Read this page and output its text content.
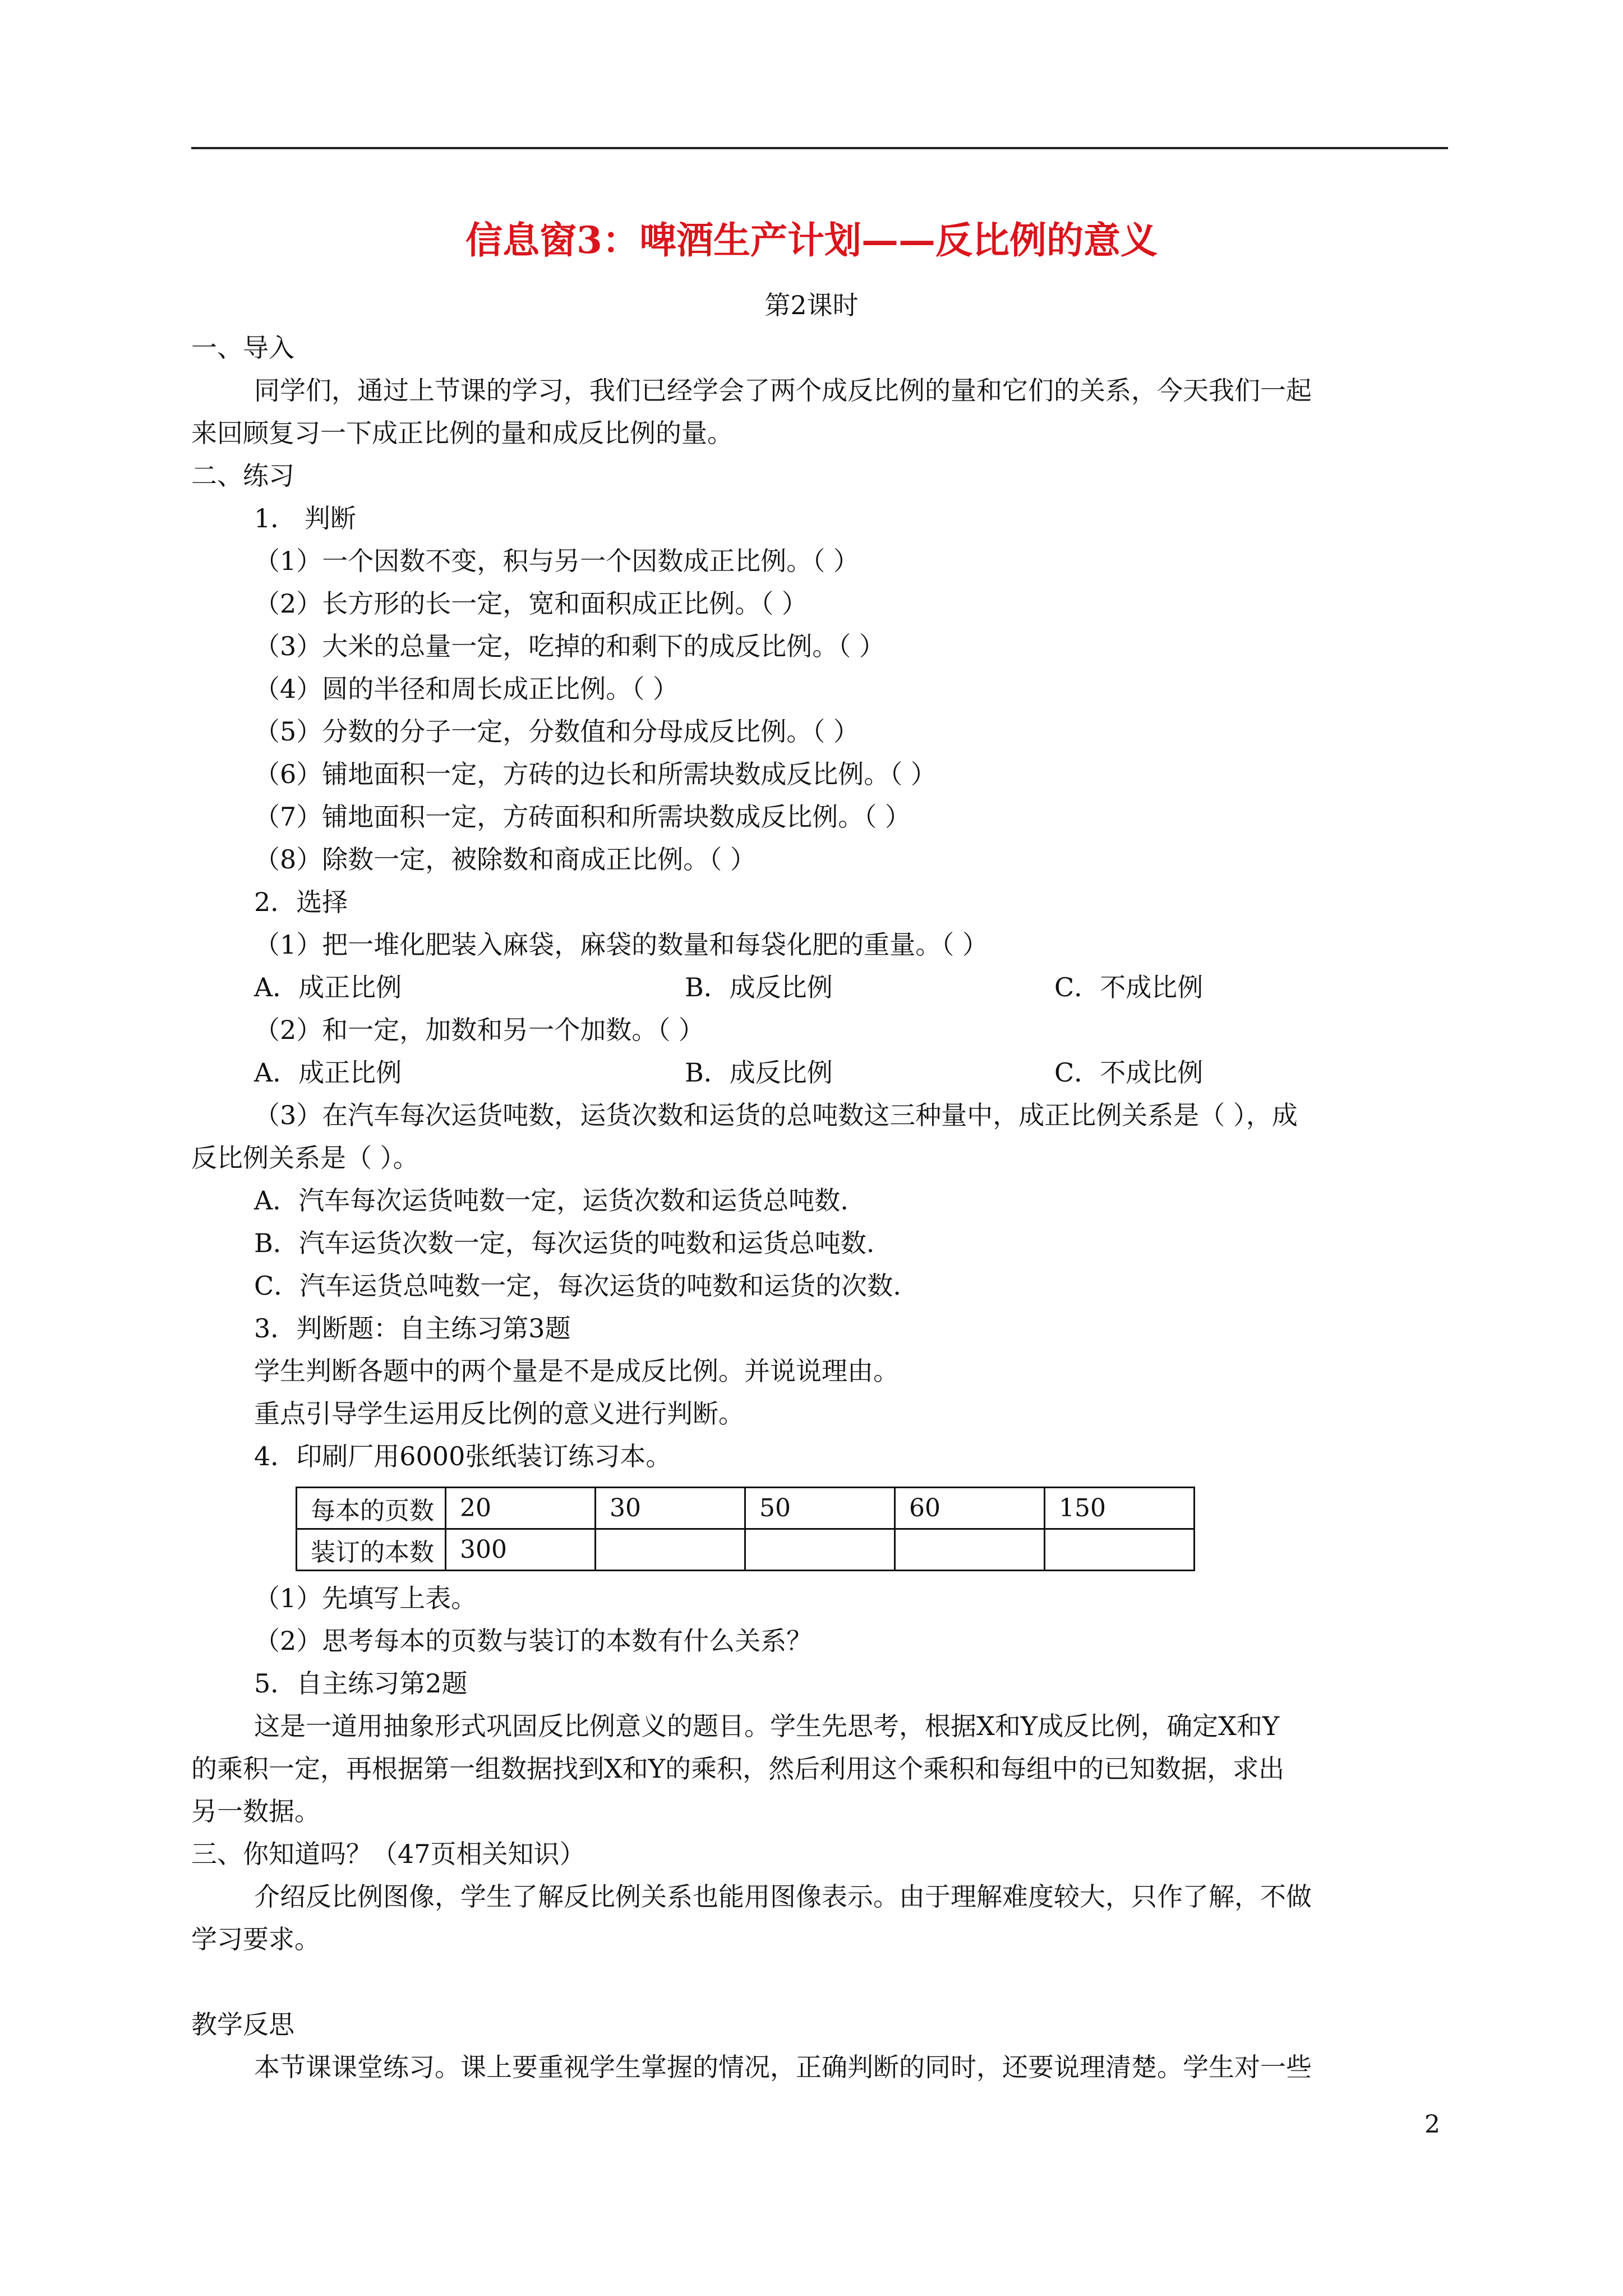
信息窗3：啤酒生产计划——反比例的意义
第2课时
一、导入
同学们，通过上节课的学习，我们已经学会了两个成反比例的量和它们的关系，今天我们一起
来回顾复习一下成正比例的量和成反比例的量。
二、练习
1． 判断
（1）一个因数不变，积与另一个因数成正比例。（ ）
（2）长方形的长一定，宽和面积成正比例。（ ）
（3）大米的总量一定，吃掉的和剩下的成反比例。（ ）
（4）圆的半径和周长成正比例。（ ）
（5）分数的分子一定，分数值和分母成反比例。（ ）
（6）铺地面积一定，方砖的边长和所需块数成反比例。（ ）
（7）铺地面积一定，方砖面积和所需块数成反比例。（ ）
（8）除数一定，被除数和商成正比例。（ ）
2．选择
（1）把一堆化肥装入麻袋，麻袋的数量和每袋化肥的重量。（ ）
A．成正比例	B．成反比例	C．不成比例
（2）和一定，加数和另一个加数。（ ）
A．成正比例	B．成反比例	C．不成比例
（3）在汽车每次运货吨数，运货次数和运货的总吨数这三种量中，成正比例关系是（ ），成
反比例关系是（ ）。
A．汽车每次运货吨数一定，运货次数和运货总吨数.
B．汽车运货次数一定，每次运货的吨数和运货总吨数.
C．汽车运货总吨数一定，每次运货的吨数和运货的次数.
3．判断题：自主练习第3题
学生判断各题中的两个量是不是成反比例。并说说理由。
重点引导学生运用反比例的意义进行判断。
4．印刷厂用6000张纸装订练习本。
每本的页数	20	30	50	60	150
装订的本数	300				
（1）先填写上表。
（2）思考每本的页数与装订的本数有什么关系？
5．自主练习第2题
这是一道用抽象形式巩固反比例意义的题目。学生先思考，根据X和Y成反比例，确定X和Y
的乘积一定，再根据第一组数据找到X和Y的乘积，然后利用这个乘积和每组中的已知数据，求出
另一数据。
三、你知道吗？（47页相关知识）
介绍反比例图像，学生了解反比例关系也能用图像表示。由于理解难度较大，只作了解，不做
学习要求。
教学反思
本节课课堂练习。课上要重视学生掌握的情况，正确判断的同时，还要说理清楚。学生对一些
2
